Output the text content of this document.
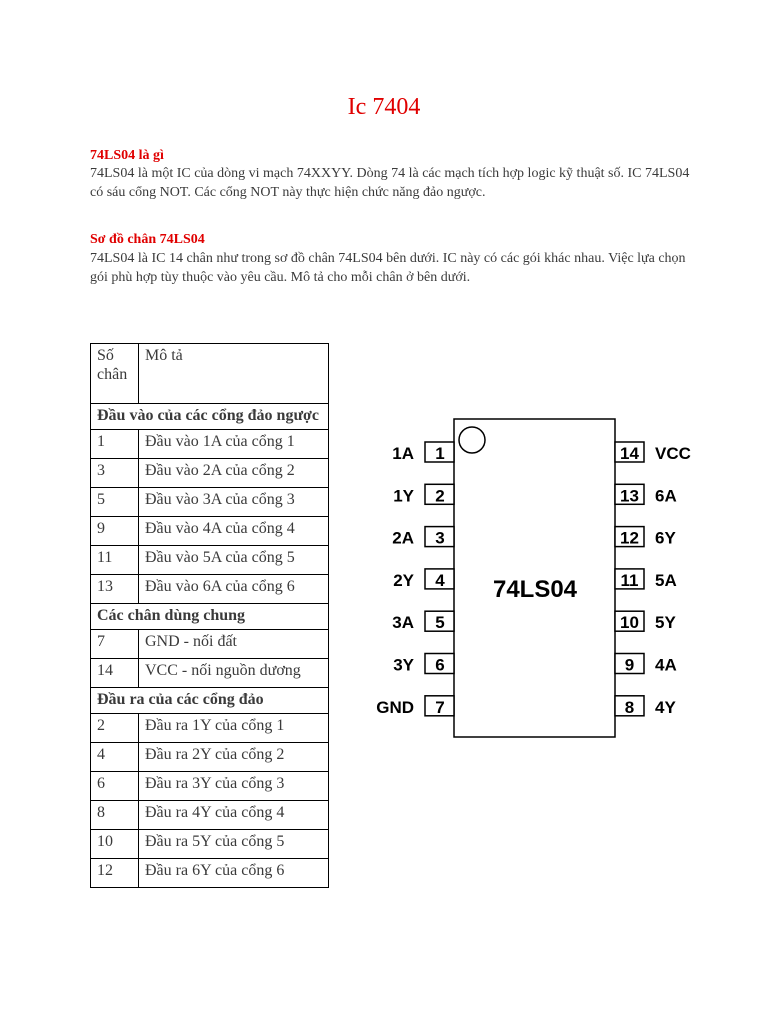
Ic 7404
74LS04 là gì
74LS04 là một IC của dòng vi mạch 74XXYY. Dòng 74 là các mạch tích hợp logic kỹ thuật số. IC 74LS04 có sáu cổng NOT. Các cổng NOT này thực hiện chức năng đảo ngược.
Sơ đồ chân 74LS04
74LS04 là IC 14 chân như trong sơ đồ chân 74LS04 bên dưới. IC này có các gói khác nhau. Việc lựa chọn gói phù hợp tùy thuộc vào yêu cầu. Mô tả cho mỗi chân ở bên dưới.
Số chân	Mô tả
Đầu vào của các cổng đảo ngược	
1	Đầu vào 1A của cổng 1
3	Đầu vào 2A của cổng 2
5	Đầu vào 3A của cổng 3
9	Đầu vào 4A của cổng 4
11	Đầu vào 5A của cổng 5
13	Đầu vào 6A của cổng 6
Các chân dùng chung	
7	GND - nối đất
14	VCC - nối nguồn dương
Đầu ra của các cổng đảo	
2	Đầu ra 1Y của cổng 1
4	Đầu ra 2Y của cổng 2
6	Đầu ra 3Y của cổng 3
8	Đầu ra 4Y của cổng 4
10	Đầu ra 5Y của cổng 5
12	Đầu ra 6Y của cổng 6
74LS04
1
1A
2
1Y
3
2A
4
2Y
5
3A
6
3Y
7
GND
14 VCC
13 6A
12 6Y
11 5A
10 5Y
9 4A
8 4Y
